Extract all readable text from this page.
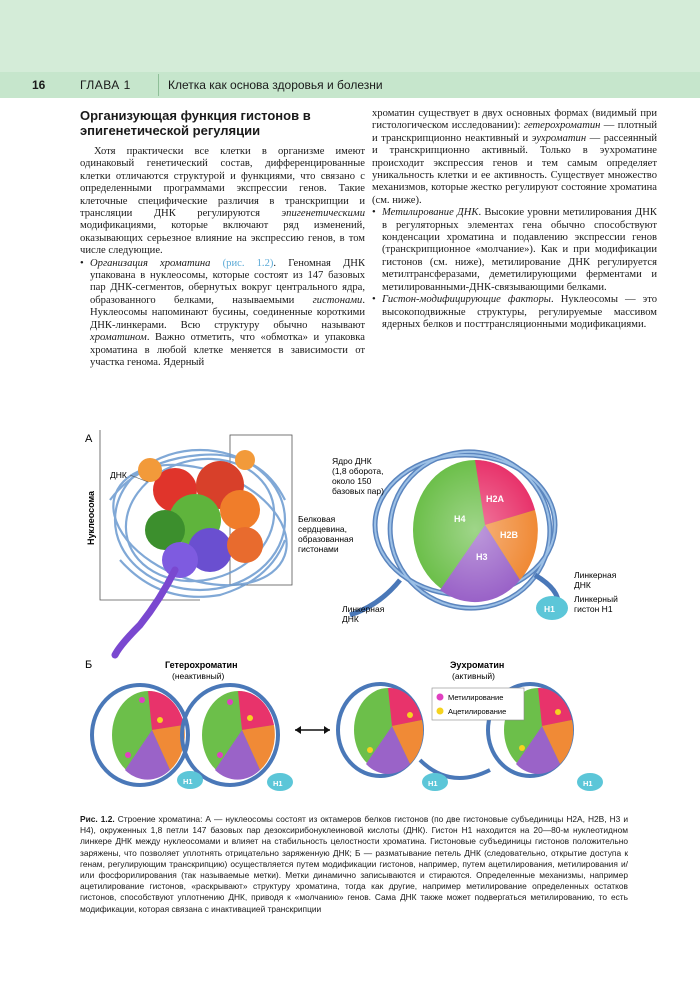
16	ГЛАВА 1	Клетка как основа здоровья и болезни
Организующая функция гистонов в эпигенетической регуляции

Хотя практически все клетки в организме имеют одинаковый генетический состав, дифференцированные клетки отличаются структурой и функциями, что связано с определенными программами экспрессии генов. Такие клеточные специфические различия в транскрипции и трансляции ДНК регулируются эпигенетическими модификациями, которые включают ряд изменений, оказывающих серьезное влияние на экспрессию генов, в том числе следующие.

• Организация хроматина (рис. 1.2). Геномная ДНК упакована в нуклеосомы, которые состоят из 147 базовых пар ДНК-сегментов, обернутых вокруг центрального ядра, образованного белками, называемыми гистонами. Нуклеосомы напоминают бусины, соединенные короткими ДНК-линкерами. Всю структуру обычно называют хроматином. Важно отметить, что «обмотка» и упаковка хроматина в любой клетке меняется в зависимости от участка генома. Ядерный

хроматин существует в двух основных формах (видимый при гистологическом исследовании): гетерохроматин — плотный и транскрипционно неактивный и эухроматин — рассеянный и транскрипционно активный. Только в эухроматине происходит экспрессия генов и тем самым определяет уникальность клетки и ее активность. Существует множество механизмов, которые жестко регулируют состояние хроматина (см. ниже).

• Метилирование ДНК. Высокие уровни метилирования ДНК в регуляторных элементах гена обычно способствуют конденсации хроматина и подавлению экспрессии генов (транскрипционное «молчание»). Как и при модификации гистонов (см. ниже), метилирование ДНК регулируется метилтрансферазами, деметилирующими ферментами и метилированными-ДНК-связывающими белками.

• Гистон-модифицирующие факторы. Нуклеосомы — это высокоподвижные структуры, регулируемые массивом ядерных белков и посттрансляционными модификациями.

А
Нуклеосома
ДНК
Белковая
сердцевина,
образованная
гистонами
H2A
H4
H2B
H3
H1
Ядро ДНК
(1,8 оборота,
около 150
базовых пар)
Линкерная
ДНК
Линкерная
ДНК
Линкерный
гистон H1
Б	Гетерохроматин
(неактивный)
Эухроматин
(активный)
H1	H1	H1	H1
Метилирование
Ацетилирование
Рис. 1.2. Строение хроматина: А — нуклеосомы состоят из октамеров белков гистонов (по две гистоновые субъединицы H2A, H2B, H3 и H4), окруженных 1,8 петли 147 базовых пар дезоксирибонуклеиновой кислоты (ДНК). Гистон H1 находится на 20—80-м нуклеотидном линкере ДНК между нуклеосомами и влияет на стабильность целостности хроматина. Гистоновые субъединицы гистонов положительно заряжены, что позволяет уплотнять отрицательно заряженную ДНК; Б — разматывание петель ДНК (следовательно, открытие доступа к генам, регулирующим транскрипцию) осуществляется путем модификации гистонов, например, путем ацетилирования, метилирования и/или фосфорилирования (так называемые метки). Метки динамично записываются и стираются. Определенные механизмы, например ацетилирование гистонов, «раскрывают» структуру хроматина, тогда как другие, например метилирование определенных остатков гистонов, способствуют уплотнению ДНК, приводя к «молчанию» генов. Сама ДНК также может подвергаться метилированию, то есть модификации, которая связана с инактивацией транскрипции
